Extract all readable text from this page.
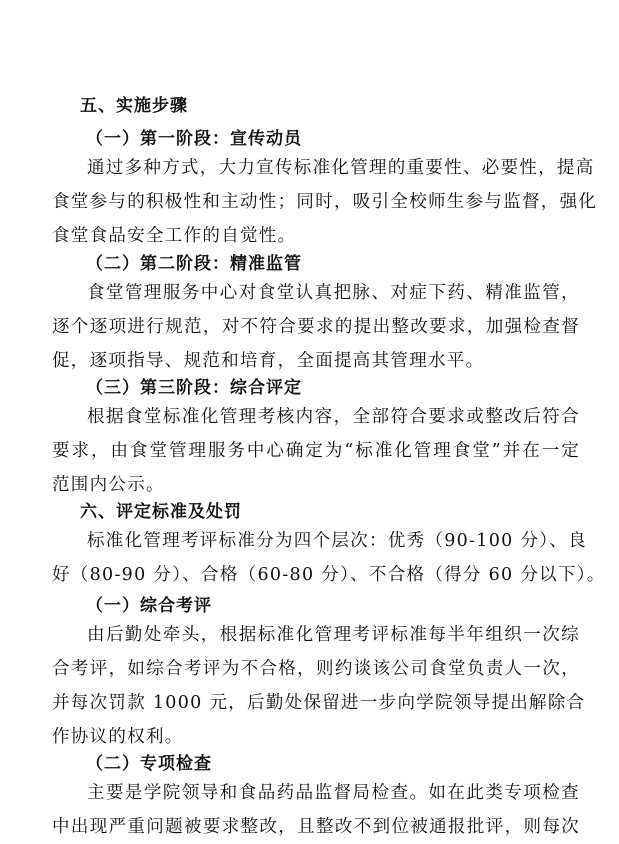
五、实施步骤
（一）第一阶段：宣传动员
通过多种方式，大力宣传标准化管理的重要性、必要性，提高
食堂参与的积极性和主动性；同时，吸引全校师生参与监督，强化
食堂食品安全工作的自觉性。
（二）第二阶段：精准监管
食堂管理服务中心对食堂认真把脉、对症下药、精准监管，
逐个逐项进行规范，对不符合要求的提出整改要求，加强检查督
促，逐项指导、规范和培育，全面提高其管理水平。
（三）第三阶段：综合评定
根据食堂标准化管理考核内容，全部符合要求或整改后符合
要求，由食堂管理服务中心确定为“标准化管理食堂”并在一定
范围内公示。
六、评定标准及处罚
标准化管理考评标准分为四个层次：优秀（90-100 分）、良
好（80-90 分）、合格（60-80 分）、不合格（得分 60 分以下）。
（一）综合考评
由后勤处牵头，根据标准化管理考评标准每半年组织一次综
合考评，如综合考评为不合格，则约谈该公司食堂负责人一次，
并每次罚款 1000 元，后勤处保留进一步向学院领导提出解除合
作协议的权利。
（二）专项检查
主要是学院领导和食品药品监督局检查。如在此类专项检查
中出现严重问题被要求整改，且整改不到位被通报批评，则每次
